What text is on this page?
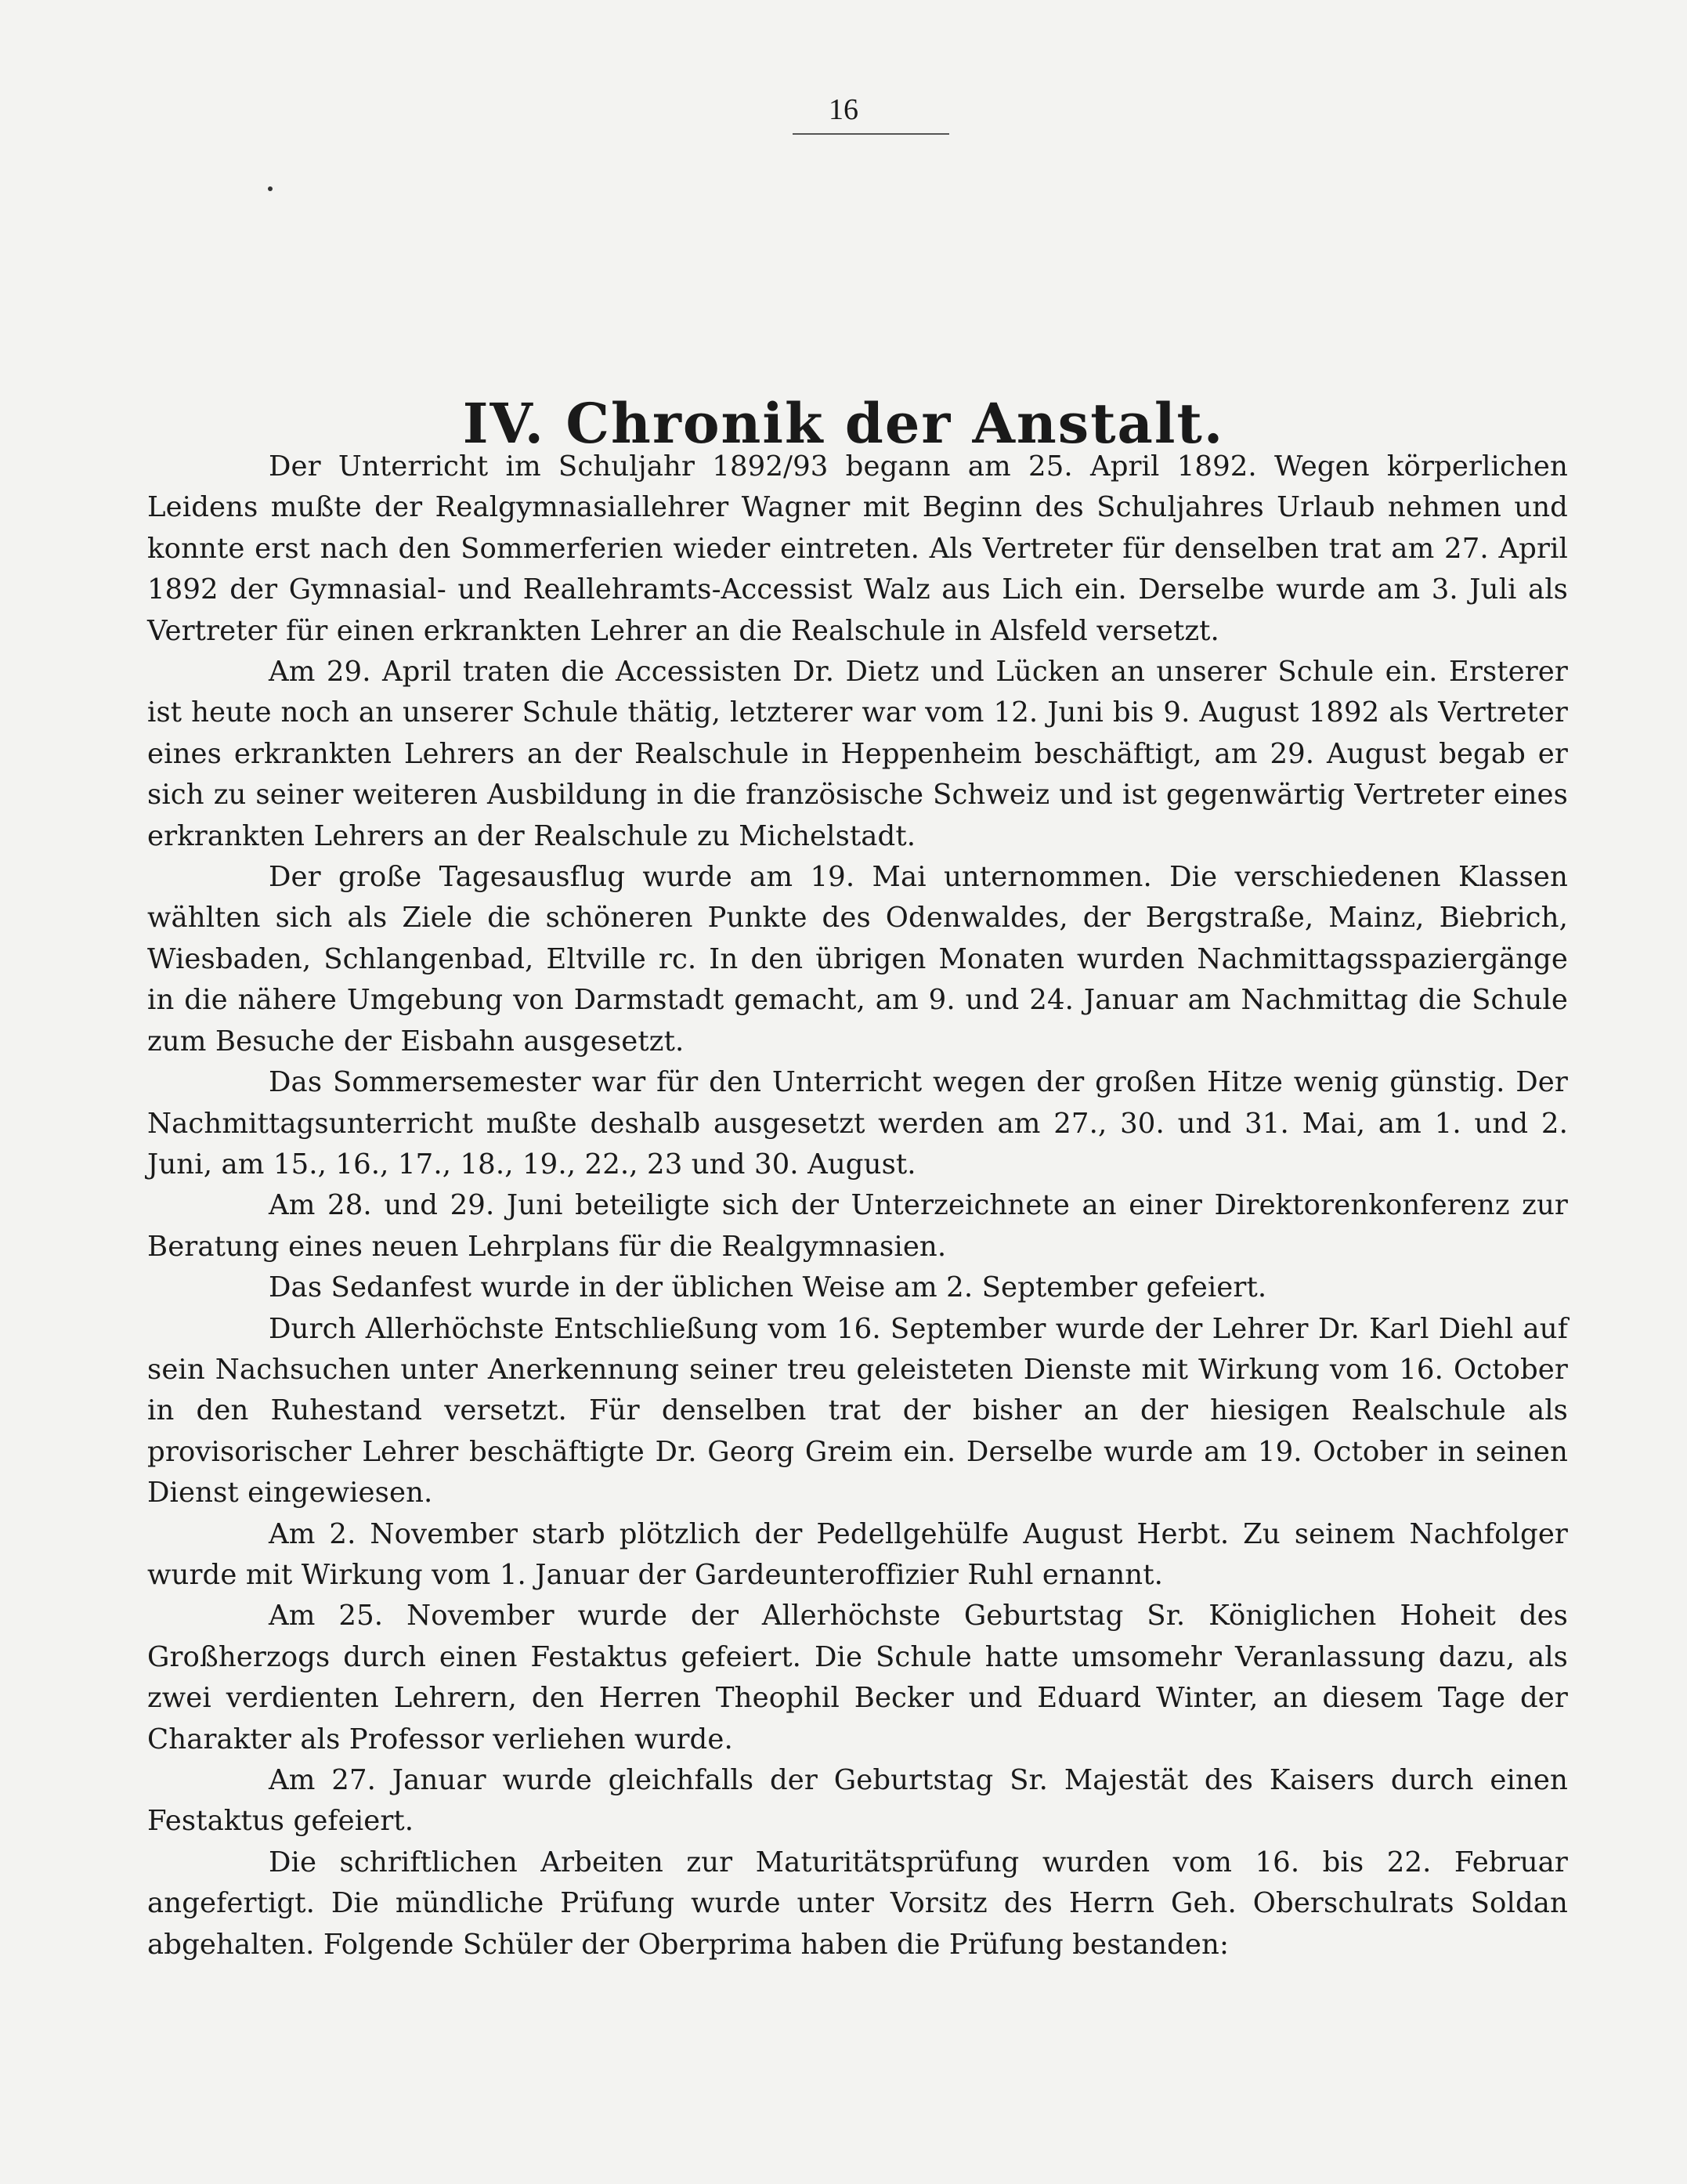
16
IV. Chronik der Anstalt.

Der Unterricht im Schuljahr 1892/93 begann am 25. April 1892. Wegen körperlichen Leidens mußte der Realgymnasiallehrer Wagner mit Beginn des Schuljahres Urlaub nehmen und konnte erst nach den Sommerferien wieder eintreten. Als Vertreter für denselben trat am 27. April 1892 der Gymnasial- und Reallehramts-Accessist Walz aus Lich ein. Derselbe wurde am 3. Juli als Vertreter für einen erkrankten Lehrer an die Realschule in Alsfeld versetzt.

Am 29. April traten die Accessisten Dr. Dietz und Lücken an unserer Schule ein. Ersterer ist heute noch an unserer Schule thätig, letzterer war vom 12. Juni bis 9. August 1892 als Vertreter eines erkrankten Lehrers an der Realschule in Heppenheim beschäftigt, am 29. August begab er sich zu seiner weiteren Ausbildung in die französische Schweiz und ist gegenwärtig Vertreter eines erkrankten Lehrers an der Realschule zu Michelstadt.

Der große Tagesausflug wurde am 19. Mai unternommen. Die verschiedenen Klassen wählten sich als Ziele die schöneren Punkte des Odenwaldes, der Bergstraße, Mainz, Biebrich, Wiesbaden, Schlangenbad, Eltville rc. In den übrigen Monaten wurden Nachmittagsspaziergänge in die nähere Umgebung von Darmstadt gemacht, am 9. und 24. Januar am Nachmittag die Schule zum Besuche der Eisbahn ausgesetzt.

Das Sommersemester war für den Unterricht wegen der großen Hitze wenig günstig. Der Nachmittagsunterricht mußte deshalb ausgesetzt werden am 27., 30. und 31. Mai, am 1. und 2. Juni, am 15., 16., 17., 18., 19., 22., 23 und 30. August.

Am 28. und 29. Juni beteiligte sich der Unterzeichnete an einer Direktorenkonferenz zur Beratung eines neuen Lehrplans für die Realgymnasien.

Das Sedanfest wurde in der üblichen Weise am 2. September gefeiert.

Durch Allerhöchste Entschließung vom 16. September wurde der Lehrer Dr. Karl Diehl auf sein Nachsuchen unter Anerkennung seiner treu geleisteten Dienste mit Wirkung vom 16. October in den Ruhestand versetzt. Für denselben trat der bisher an der hiesigen Realschule als provisorischer Lehrer beschäftigte Dr. Georg Greim ein. Derselbe wurde am 19. October in seinen Dienst eingewiesen.

Am 2. November starb plötzlich der Pedellgehülfe August Herbt. Zu seinem Nachfolger wurde mit Wirkung vom 1. Januar der Gardeunteroffizier Ruhl ernannt.

Am 25. November wurde der Allerhöchste Geburtstag Sr. Königlichen Hoheit des Großherzogs durch einen Festaktus gefeiert. Die Schule hatte umsomehr Veranlassung dazu, als zwei verdienten Lehrern, den Herren Theophil Becker und Eduard Winter, an diesem Tage der Charakter als Professor verliehen wurde.

Am 27. Januar wurde gleichfalls der Geburtstag Sr. Majestät des Kaisers durch einen Festaktus gefeiert.

Die schriftlichen Arbeiten zur Maturitätsprüfung wurden vom 16. bis 22. Februar angefertigt. Die mündliche Prüfung wurde unter Vorsitz des Herrn Geh. Oberschulrats Soldan abgehalten. Folgende Schüler der Oberprima haben die Prüfung bestanden:
